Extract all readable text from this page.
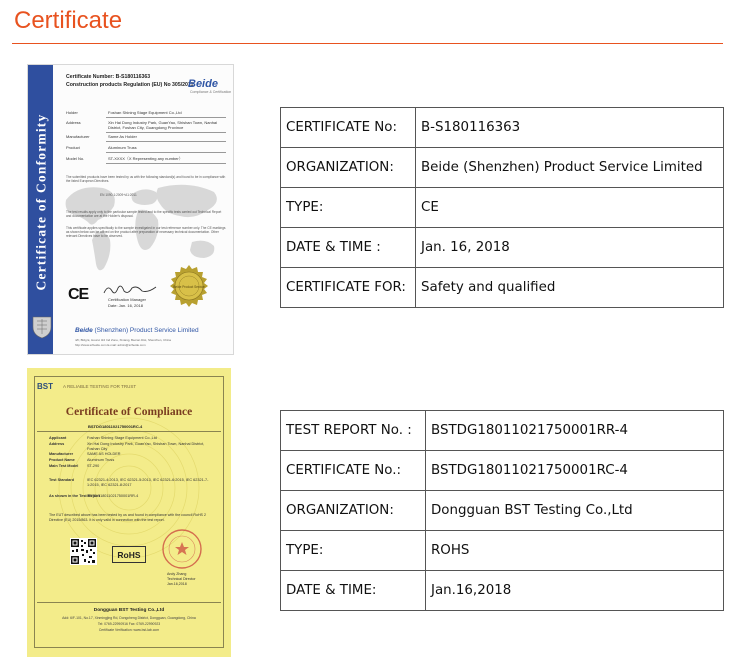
Certificate
Certificate of Conformity
Certificate Number: B-S180116363
Construction products Regulation (EU) No 305/2011
Beide
Compliance & Certification
Holder	Foshan Shining Stage Equipment Co.,Ltd
Address	Xin Hai Dong Industry Park, GuanYao, Shishan Town, Nanhai District, Foshan City, Guangdong Province
Manufacturer	Same As Holder
Product	Aluminum Truss
Model No.	ST-XXXX（X Representing any number）
The submitted products have been tested by us with the following standard(s) and found to be in compliance with the listed European Directives.
EN 1090-1:2009+A1:2011
The test results apply only to the particular sample tested and to the specific tests carried out Technical Report and documentation are at the Holder's disposal.
This certificate applies specifically to the sample investigated in our test reference number only. The CE markings as shown below can be affixed on the product after preparation of necessary technical documentation. Other relevant Directives have to be observed.
CE	Certification Manager
Date: Jan. 16, 2018
Beide Product Service
Beide (Shenzhen) Product Service Limited
4/F, Bldg E, Hourui 3rd Ind Zone, Xixiang, Bao'an Dist, Shenzhen, China
http://www.szbeide.com E-mail: admin@szbeide.com
CERTIFICATE No:	B-S180116363
ORGANIZATION:	Beide (Shenzhen) Product Service Limited
TYPE:	CE
DATE & TIME :	Jan. 16, 2018
CERTIFICATE FOR:	Safety and qualified
BST A RELIABLE TESTING FOR TRUST
Certificate of Compliance
BSTDG18011021750001RC-4
Applicant	Foshan Shining Stage Equipment Co.,Ltd
Address	Xin Hai Dong Industry Park, GuanYao, Shishan Town, Nanhai District, Foshan City
Manufacturer	SAME AS HOLDER
Product Name	Aluminum Truss
Main Test Model ST-290
Test Standard	IEC 62321-4:2013, IEC 62321-5:2013, IEC 62321-6:2015, IEC 62321-7-1:2015, IEC 62321-8:2017
As shown in the Test Report
BSTDG18011021750001RR-4
The EUT described above has been tested by us and found in compliance with the council RoHS 2 Directive (EU) 2015/863. It is only valid in connection with the test report.
RoHS
Andy Zhang
Technical Director
Jan.16,2018
Dongguan BST Testing Co.,Ltd
Add: 6/F-101, No.17, Xinmingjing Rd, Dongcheng District, Dongguan, Guangdong, China
Tel: 0769-22990916 Fax: 0769-22990923
Certificate Verification: www.bst-lab.com
TEST REPORT No. :	BSTDG18011021750001RR-4
CERTIFICATE No.:	BSTDG18011021750001RC-4
ORGANIZATION:	Dongguan BST Testing Co.,Ltd
TYPE:	ROHS
DATE & TIME:	Jan.16,2018
